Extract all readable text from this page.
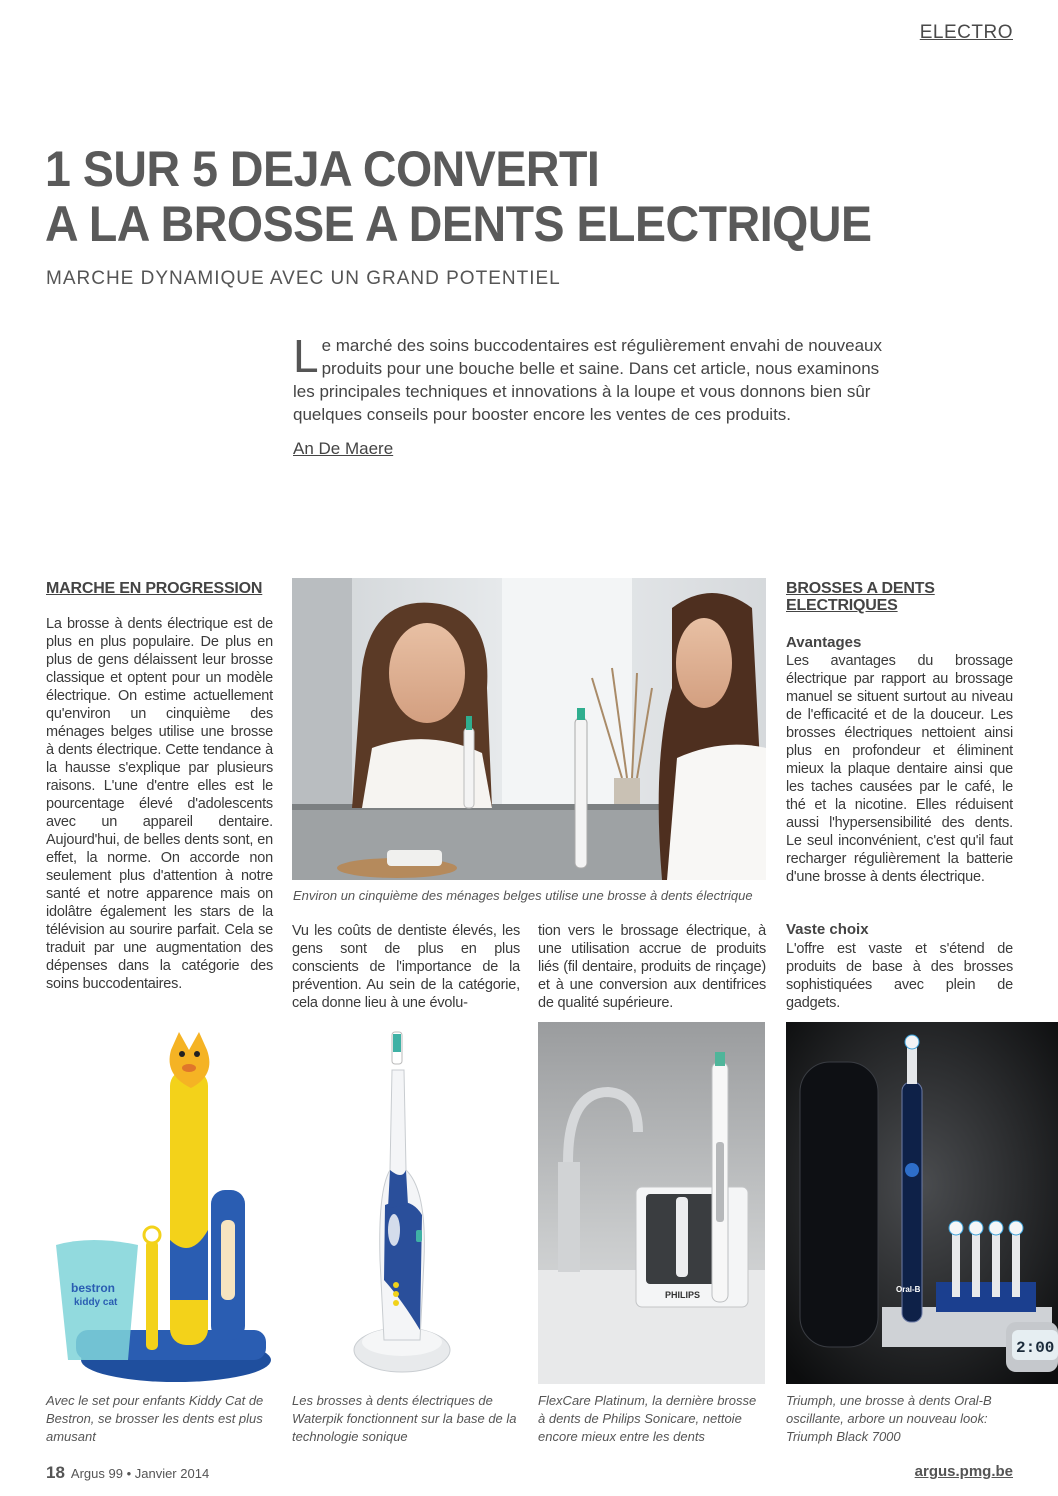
ELECTRO
1 SUR 5 DEJA CONVERTI
A LA BROSSE A DENTS ELECTRIQUE
MARCHE DYNAMIQUE AVEC UN GRAND POTENTIEL

Le marché des soins buccodentaires est régulièrement envahi de nouveaux produits pour une bouche belle et saine. Dans cet article, nous examinons les principales techniques et innovations à la loupe et vous donnons bien sûr quelques conseils pour booster encore les ventes de ces produits.

An De Maere
MARCHE EN PROGRESSION

La brosse à dents électrique est de plus en plus populaire. De plus en plus de gens délaissent leur brosse classique et optent pour un modèle électrique. On estime actuellement qu'environ un cinquième des ménages belges utilise une brosse à dents électrique. Cette tendance à la hausse s'explique par plusieurs raisons. L'une d'entre elles est le pourcentage élevé d'adolescents avec un appareil dentaire. Aujourd'hui, de belles dents sont, en effet, la norme. On accorde non seulement plus d'attention à notre santé et notre apparence mais on idolâtre également les stars de la télévision au sourire parfait. Cela se traduit par une augmentation des dépenses dans la catégorie des soins buccodentaires.

Environ un cinquième des ménages belges utilise une brosse à dents électrique

Vu les coûts de dentiste élevés, les gens sont de plus en plus conscients de l'importance de la prévention. Au sein de la catégorie, cela donne lieu à une évolu-

tion vers le brossage électrique, à une utilisation accrue de produits liés (fil dentaire, produits de rinçage) et à une conversion aux dentifrices de qualité supérieure.

BROSSES A DENTS ELECTRIQUES
Avantages

Les avantages du brossage électrique par rapport au brossage manuel se situent surtout au niveau de l'efficacité et de la douceur. Les brosses électriques nettoient ainsi plus en profondeur et éliminent mieux la plaque dentaire ainsi que les taches causées par le café, le thé et la nicotine. Elles réduisent aussi l'hypersensibilité des dents. Le seul inconvénient, c'est qu'il faut recharger régulièrement la batterie d'une brosse à dents électrique.

Vaste choix

L'offre est vaste et s'étend de produits de base à des brosses sophistiquées avec plein de gadgets.

bestron
kiddy cat
PHILIPS
Oral-B
2:00

Avec le set pour enfants Kiddy Cat de Bestron, se brosser les dents est plus amusant

Les brosses à dents électriques de Waterpik fonctionnent sur la base de la technologie sonique

FlexCare Platinum, la dernière brosse à dents de Philips Sonicare, nettoie encore mieux entre les dents

Triumph, une brosse à dents Oral-B oscillante, arbore un nouveau look: Triumph Black 7000

18 Argus 99 • Janvier 2014	argus.pmg.be
